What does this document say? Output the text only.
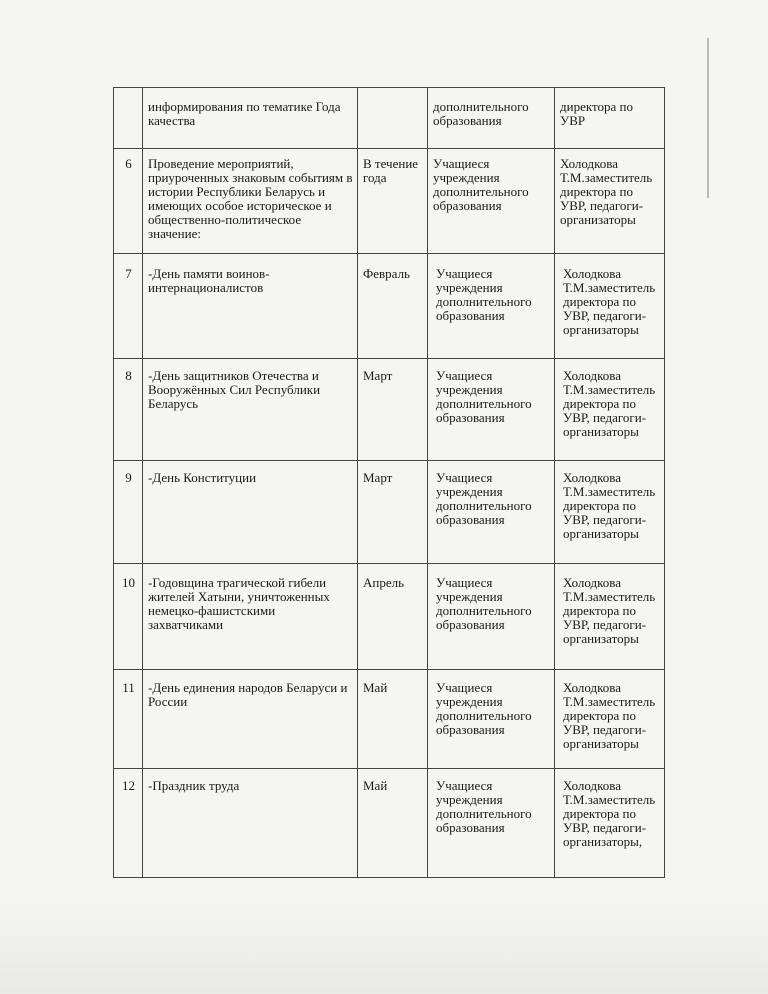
	информирования по тематике Года качества		дополнительного образования	директора по УВР

6	Проведение мероприятий, приуроченных знаковым событиям в истории Республики Беларусь и имеющих особое историческое и общественно-политическое значение:	В течение года	Учащиеся учреждения дополнительного образования	Холодкова Т.М.заместитель директора по УВР, педагоги-организаторы

7	-День памяти воинов-интернационалистов	Февраль	Учащиеся учреждения дополнительного образования	Холодкова Т.М.заместитель директора по УВР, педагоги-организаторы

8	-День защитников Отечества и Вооружённых Сил Республики Беларусь	Март	Учащиеся учреждения дополнительного образования	Холодкова Т.М.заместитель директора по УВР, педагоги-организаторы

9	-День Конституции	Март	Учащиеся учреждения дополнительного образования	Холодкова Т.М.заместитель директора по УВР, педагоги-организаторы

10	-Годовщина трагической гибели жителей Хатыни, уничтоженных немецко-фашистскими захватчиками	Апрель	Учащиеся учреждения дополнительного образования	Холодкова Т.М.заместитель директора по УВР, педагоги-организаторы

11	-День единения народов Беларуси и России	Май	Учащиеся учреждения дополнительного образования	Холодкова Т.М.заместитель директора по УВР, педагоги-организаторы

12	-Праздник труда	Май	Учащиеся учреждения дополнительного образования	Холодкова Т.М.заместитель директора по УВР, педагоги-организаторы,
